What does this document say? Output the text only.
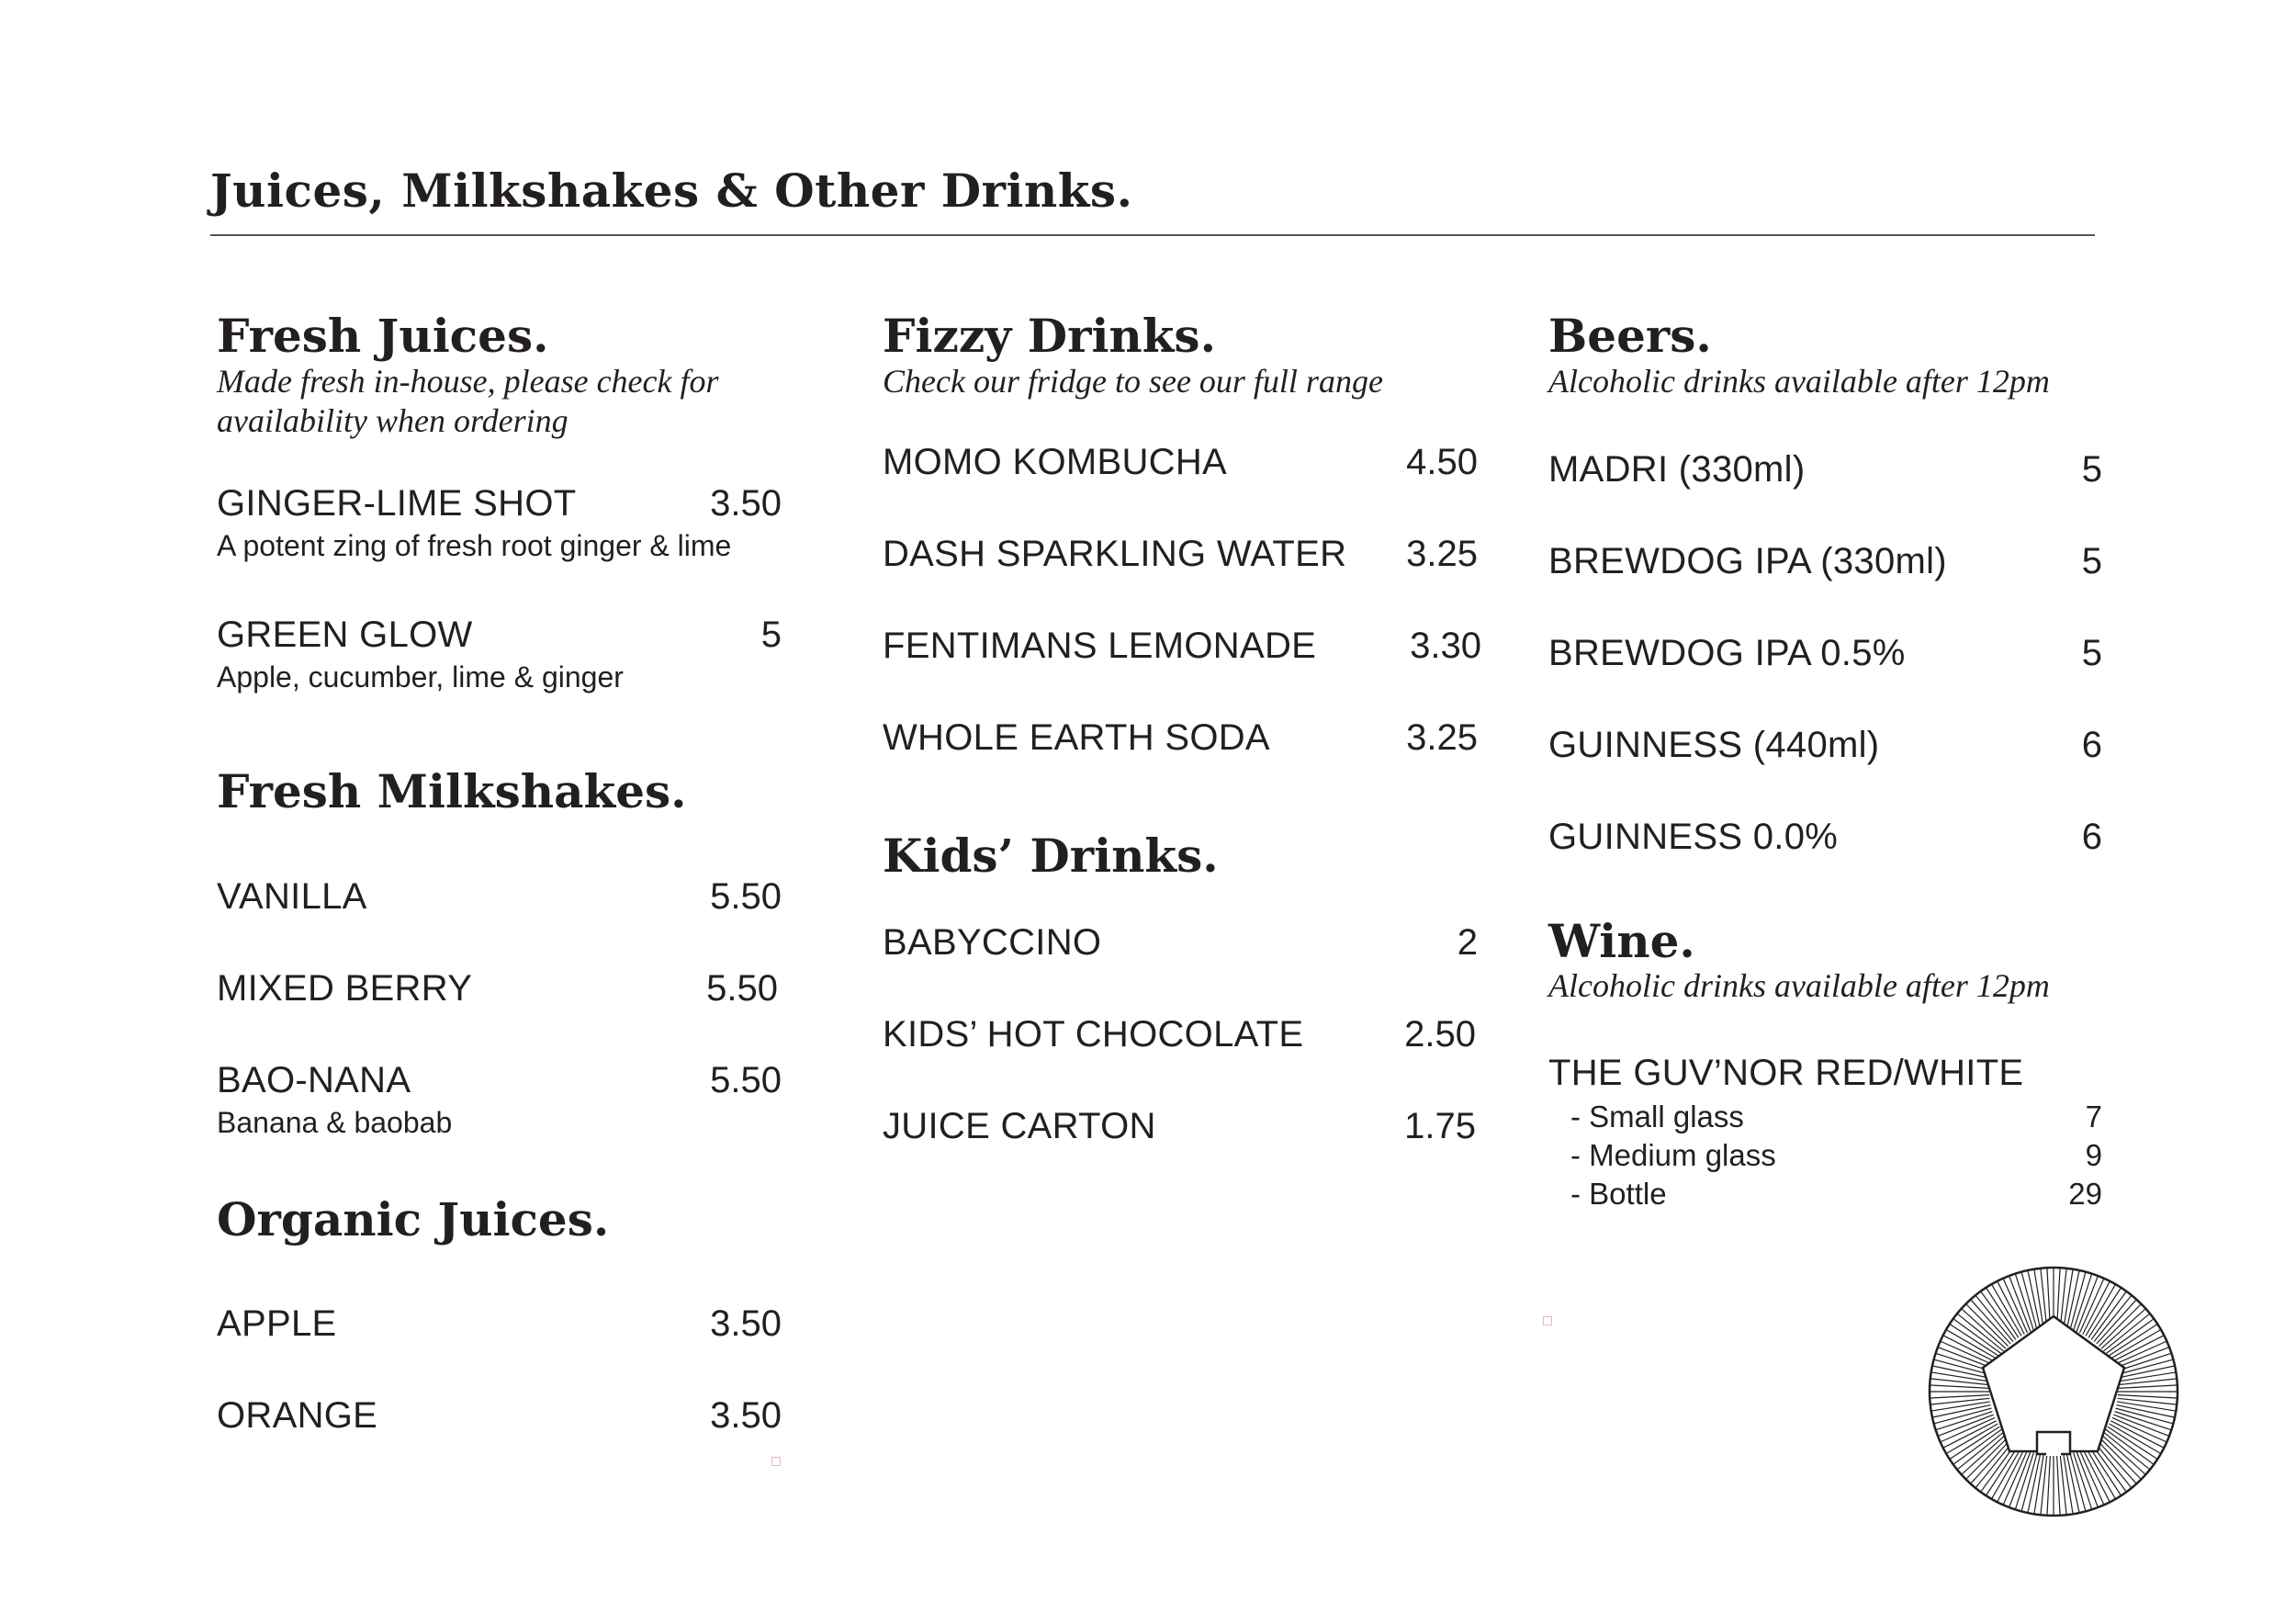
Juices, Milkshakes & Other Drinks.
Fresh Juices.

Made fresh in-house, please check for

availability when ordering

GINGER-LIME SHOT	3.50
A potent zing of fresh root ginger & lime
GREEN GLOW	5
Apple, cucumber, lime & ginger
Fresh Milkshakes.
VANILLA	5.50
MIXED BERRY	5.50
BAO-NANA	5.50
Banana & baobab
Organic Juices.
APPLE	3.50
ORANGE	3.50
Fizzy Drinks.

Check our fridge to see our full range

MOMO KOMBUCHA	4.50
DASH SPARKLING WATER 3.25
FENTIMANS LEMONADE	3.30
WHOLE EARTH SODA	3.25
Kids’ Drinks.
BABYCCINO	2
KIDS’ HOT CHOCOLATE	2.50
JUICE CARTON	1.75
Beers.

Alcoholic drinks available after 12pm

MADRI (330ml)	5
BREWDOG IPA (330ml)	5
BREWDOG IPA 0.5%	5
GUINNESS (440ml)	6
GUINNESS 0.0%	6
Wine.

Alcoholic drinks available after 12pm

THE GUV’NOR RED/WHITE
- Small glass	7
- Medium glass	9
- Bottle	29
